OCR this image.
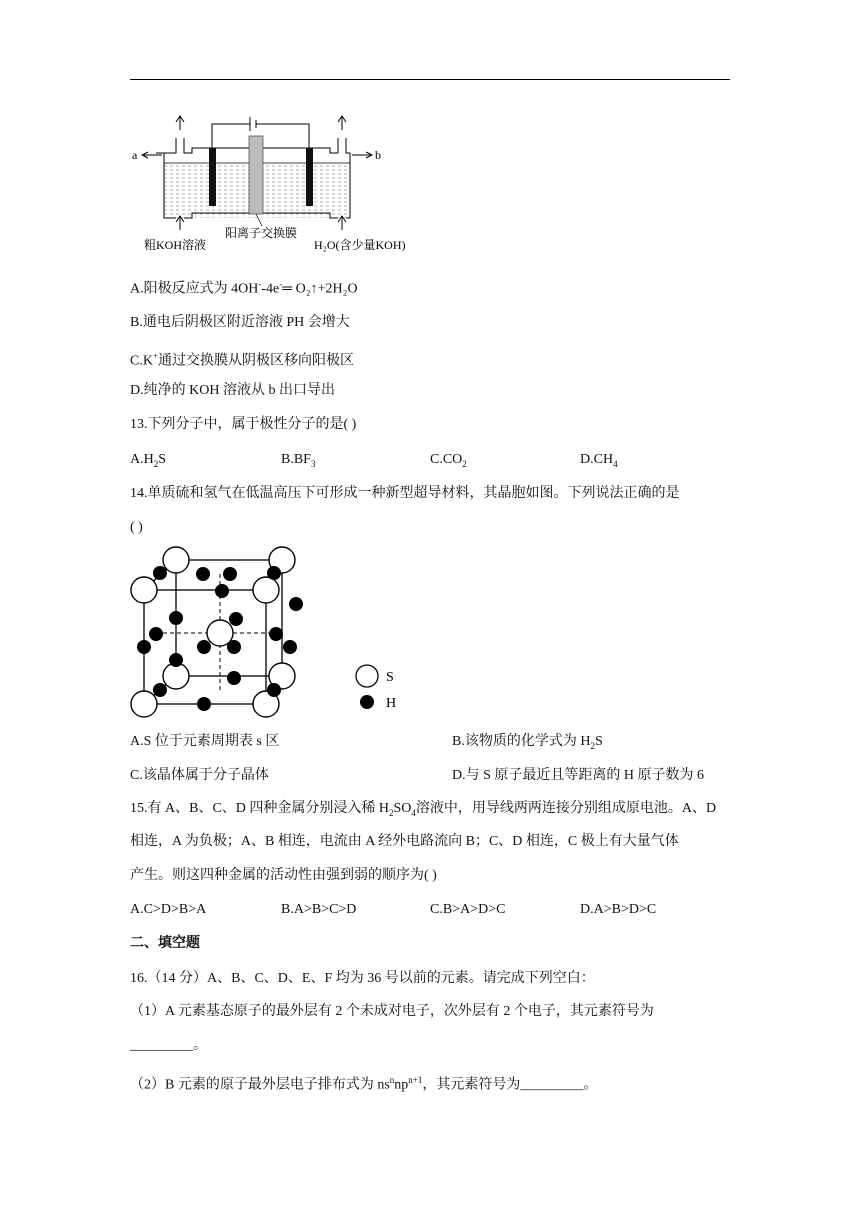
a	b
粗KOH溶液
阳离子交换膜
H₂O(含少量KOH)
A.阳极反应式为 4OH--4e-═ O₂↑+2H₂O
B.通电后阴极区附近溶液 PH 会增大
C.K+通过交换膜从阴极区移向阳极区
D.纯净的 KOH 溶液从 b 出口导出
13.下列分子中，属于极性分子的是( )
$A.H_2S$	$B.BF_3$	$C.CO_2$	$D.CH_4$
14.单质硫和氢气在低温高压下可形成一种新型超导材料，其晶胞如图。下列说法正确的是
( )
S
H
A.S 位于元素周期表 s 区	B.该物质的化学式为 $H_2S$
C.该晶体属于分子晶体	D.与 S 原子最近且等距离的 H 原子数为 6
15.有 A、B、C、D 四种金属分别浸入稀 $H_2SO_4$溶液中，用导线两两连接分别组成原电池。A、D
相连，A 为负极；A、B 相连，电流由 A 经外电路流向 B；C、D 相连，C 极上有大量气体
产生。则这四种金属的活动性由强到弱的顺序为( )
A.C>D>B>A	B.A>B>C>D	C.B>A>D>C	D.A>B>D>C
二、填空题
16.（14 分）A、B、C、D、E、F 均为 36 号以前的元素。请完成下列空白：
（1）A 元素基态原子的最外层有 2 个未成对电子，次外层有 2 个电子，其元素符号为
_________。
（2）B 元素的原子最外层电子排布式为 $ns^nnp^{n+1}$，其元素符号为_________。
